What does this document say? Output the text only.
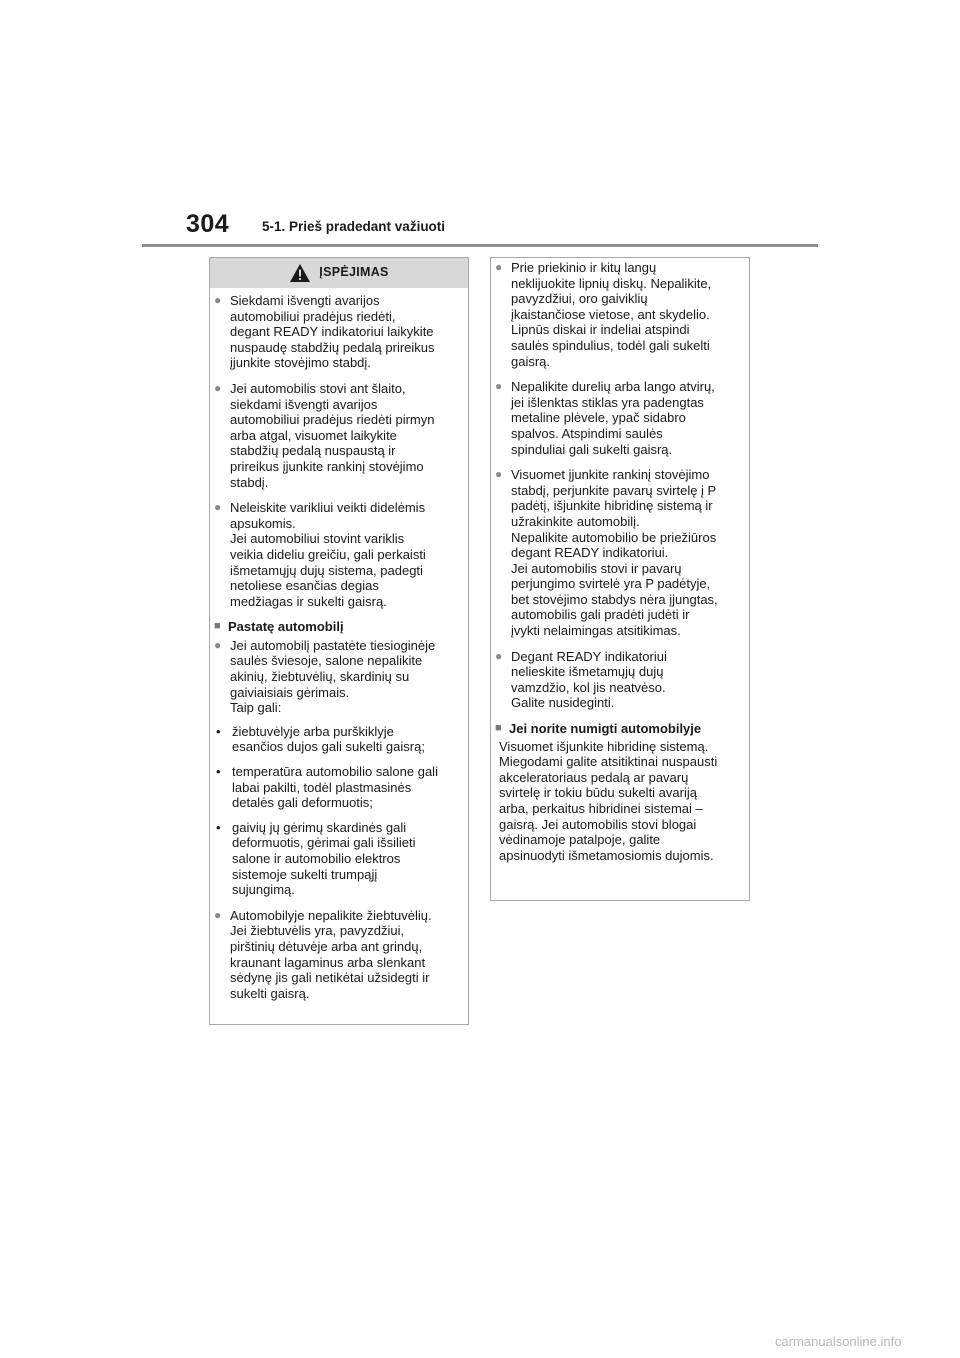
304 5-1. Prieš pradedant važiuoti
ĮSPĖJIMAS
● Siekdami išvengti avarijos
automobiliui pradėjus riedėti,
degant READY indikatoriui laikykite
nuspaudę stabdžių pedalą prireikus
įjunkite stovėjimo stabdį.
● Jei automobilis stovi ant šlaito,
siekdami išvengti avarijos
automobiliui pradėjus riedėti pirmyn
arba atgal, visuomet laikykite
stabdžių pedalą nuspaustą ir
prireikus įjunkite rankinį stovėjimo
stabdį.
● Neleiskite varikliui veikti didelėmis
apsukomis.
Jei automobiliui stovint variklis
veikia dideliu greičiu, gali perkaisti
išmetamųjų dujų sistema, padegti
netoliese esančias degias
medžiagas ir sukelti gaisrą.
■ Pastatę automobilį
● Jei automobilį pastatėte tiesioginėje
saulės šviesoje, salone nepalikite
akinių, žiebtuvėlių, skardinių su
gaiviaisiais gėrimais.
Taip gali:
• žiebtuvėlyje arba purškiklyje
esančios dujos gali sukelti gaisrą;
• temperatūra automobilio salone gali
labai pakilti, todėl plastmasinės
detalės gali deformuotis;
• gaivių jų gėrimų skardinės gali
deformuotis, gėrimai gali išsilieti
salone ir automobilio elektros
sistemoje sukelti trumpąjį
sujungimą.
● Automobilyje nepalikite žiebtuvėlių.
Jei žiebtuvėlis yra, pavyzdžiui,
pirštinių dėtuvėje arba ant grindų,
kraunant lagaminus arba slenkant
sėdynę jis gali netikėtai užsidegti ir
sukelti gaisrą.
● Prie priekinio ir kitų langų
neklijuokite lipnių diskų. Nepalikite,
pavyzdžiui, oro gaiviklių
įkaistančiose vietose, ant skydelio.
Lipnūs diskai ir indeliai atspindi
saulės spindulius, todėl gali sukelti
gaisrą.
● Nepalikite durelių arba lango atvirų,
jei išlenktas stiklas yra padengtas
metaline plėvele, ypač sidabro
spalvos. Atspindimi saulės
spinduliai gali sukelti gaisrą.
● Visuomet įjunkite rankinį stovėjimo
stabdį, perjunkite pavarų svirtelę į P
padėtį, išjunkite hibridinę sistemą ir
užrakinkite automobilį.
Nepalikite automobilio be priežiūros
degant READY indikatoriui.
Jei automobilis stovi ir pavarų
perjungimo svirtelė yra P padėtyje,
bet stovėjimo stabdys nėra įjungtas,
automobilis gali pradėti judėti ir
įvykti nelaimingas atsitikimas.
● Degant READY indikatoriui
nelieskite išmetamųjų dujų
vamzdžio, kol jis neatvėso.
Galite nusideginti.
■ Jei norite numigti automobilyje
Visuomet išjunkite hibridinę sistemą.
Miegodami galite atsitiktinai nuspausti
akceleratoriaus pedalą ar pavarų
svirtelę ir tokiu būdu sukelti avariją
arba, perkaitus hibridinei sistemai –
gaisrą. Jei automobilis stovi blogai
vėdinamoje patalpoje, galite
apsinuodyti išmetamosiomis dujomis.
carmanualsonline.info
